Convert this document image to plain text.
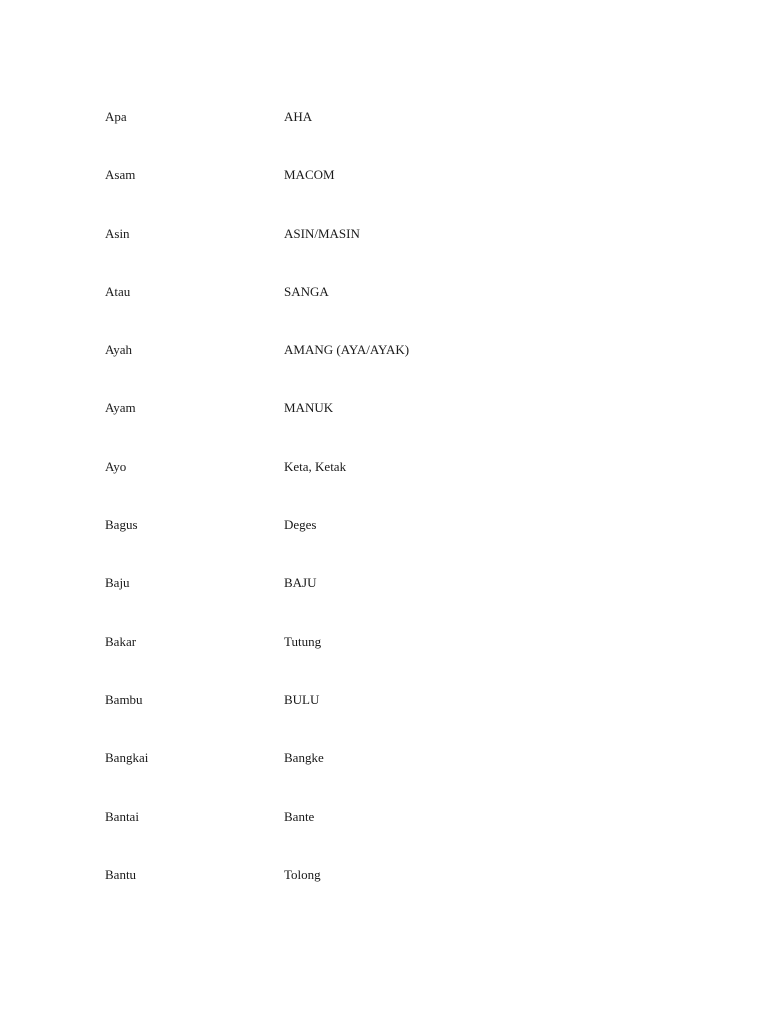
Apa	AHA
Asam	MACOM
Asin	ASIN/MASIN
Atau	SANGA
Ayah	AMANG (AYA/AYAK)
Ayam	MANUK
Ayo	Keta, Ketak
Bagus	Deges
Baju	BAJU
Bakar	Tutung
Bambu	BULU
Bangkai	Bangke
Bantai	Bante
Bantu	Tolong
